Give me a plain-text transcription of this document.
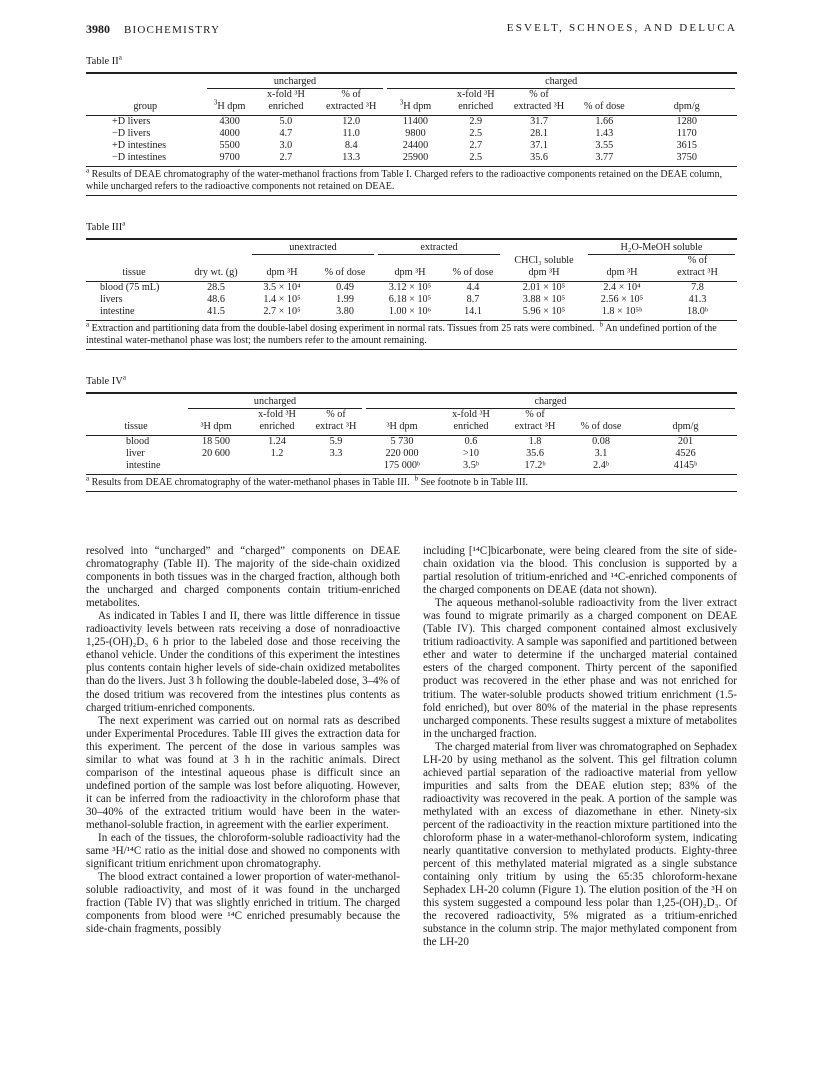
3980 BIOCHEMISTRY	ESVELT, SCHNOES, AND DELUCA
Table $II^a$

	uncharged			charged				

		x-fold ³H	% of		x-fold ³H	% of		
group	$^3$H dpm	enriched	extracted ³H	$^3$H dpm	enriched	extracted ³H	% of dose	dpm/g

+D livers	4300	5.0	12.0	11400	2.9	31.7	1.66	1280
−D livers	4000	4.7	11.0	9800	2.5	28.1	1.43	1170
+D intestines	5500	3.0	8.4	24400	2.7	37.1	3.55	3615
−D intestines	9700	2.7	13.3	25900	2.5	35.6	3.77	3750
$^a$ Results of DEAE chromatography of the water-methanol fractions from Table I. Charged refers to the radioactive components retained on the DEAE column, while uncharged refers to the radioactive components not retained on DEAE.
Table III$^a$

		unextracted		extracted			H₂O-MeOH soluble	

						CHCl₃ soluble		% of
tissue	dry wt. (g)	dpm ³H	% of dose	dpm ³H	% of dose	dpm ³H	dpm ³H	extract ³H

blood (75 mL)	28.5	3.5 × 10⁴	0.49	3.12 × 10⁵	4.4	2.01 × 10⁵	2.4 × 10⁴	7.8
livers	48.6	1.4 × 10⁵	1.99	6.18 × 10⁵	8.7	3.88 × 10⁵	2.56 × 10⁵	41.3
intestine	41.5	2.7 × 10⁵	3.80	1.00 × 10⁶	14.1	5.96 × 10⁵	1.8 × 10⁵ᵇ	18.0ᵇ
$^a$ Extraction and partitioning data from the double-label dosing experiment in normal rats. Tissues from 25 rats were combined. $^b$ An undefined portion of the intestinal water-methanol phase was lost; the numbers refer to the amount remaining.
Table $IV^a$

	uncharged			charged				

		x-fold ³H	% of		x-fold ³H	% of		
tissue	³H dpm	enriched	extract ³H	³H dpm	enriched	extract ³H	% of dose	dpm/g

blood	18 500	1.24	5.9	5 730	0.6	1.8	0.08	201
liver	20 600	1.2	3.3	220 000	>10	35.6	3.1	4526
intestine				175 000ᵇ	3.5ᵇ	17.2ᵇ	2.4ᵇ	4145ᵇ
$^a$ Results from DEAE chromatography of the water-methanol phases in Table III. $^b$ See footnote b in Table III.

resolved into “uncharged” and “charged” components on DEAE chromatography (Table II). The majority of the side-chain oxidized components in both tissues was in the charged fraction, although both the uncharged and charged components contain tritium-enriched metabolites.

As indicated in Tables I and II, there was little difference in tissue radioactivity levels between rats receiving a dose of nonradioactive 1,25-(OH)₂D₃ 6 h prior to the labeled dose and those receiving the ethanol vehicle. Under the conditions of this experiment the intestines plus contents contain higher levels of side-chain oxidized metabolites than do the livers. Just 3 h following the double-labeled dose, 3–4% of the dosed tritium was recovered from the intestines plus contents as charged tritium-enriched components.

The next experiment was carried out on normal rats as described under Experimental Procedures. Table III gives the extraction data for this experiment. The percent of the dose in various samples was similar to what was found at 3 h in the rachitic animals. Direct comparison of the intestinal aqueous phase is difficult since an undefined portion of the sample was lost before aliquoting. However, it can be inferred from the radioactivity in the chloroform phase that 30–40% of the extracted tritium would have been in the water-methanol-soluble fraction, in agreement with the earlier experiment.

In each of the tissues, the chloroform-soluble radioactivity had the same ³H/¹⁴C ratio as the initial dose and showed no components with significant tritium enrichment upon chromatography.

The blood extract contained a lower proportion of water-methanol-soluble radioactivity, and most of it was found in the uncharged fraction (Table IV) that was slightly enriched in tritium. The charged components from blood were ¹⁴C enriched presumably because the side-chain fragments, possibly

including [¹⁴C]bicarbonate, were being cleared from the site of side-chain oxidation via the blood. This conclusion is supported by a partial resolution of tritium-enriched and ¹⁴C-enriched components of the charged components on DEAE (data not shown).

The aqueous methanol-soluble radioactivity from the liver extract was found to migrate primarily as a charged component on DEAE (Table IV). This charged component contained almost exclusively tritium radioactivity. A sample was saponified and partitioned between ether and water to determine if the uncharged material contained esters of the charged component. Thirty percent of the saponified product was recovered in the ether phase and was not enriched for tritium. The water-soluble products showed tritium enrichment (1.5-fold enriched), but over 80% of the material in the phase represents uncharged components. These results suggest a mixture of metabolites in the uncharged fraction.

The charged material from liver was chromatographed on Sephadex LH-20 by using methanol as the solvent. This gel filtration column achieved partial separation of the radioactive material from yellow impurities and salts from the DEAE elution step; 83% of the radioactivity was recovered in the peak. A portion of the sample was methylated with an excess of diazomethane in ether. Ninety-six percent of the radioactivity in the reaction mixture partitioned into the chloroform phase in a water-methanol-chloroform system, indicating nearly quantitative conversion to methylated products. Eighty-three percent of this methylated material migrated as a single substance containing only tritium by using the 65:35 chloroform-hexane Sephadex LH-20 column (Figure 1). The elution position of the ³H on this system suggested a compound less polar than 1,25-(OH)₂D₃. Of the recovered radioactivity, 5% migrated as a tritium-enriched substance in the column strip. The major methylated component from the LH-20
